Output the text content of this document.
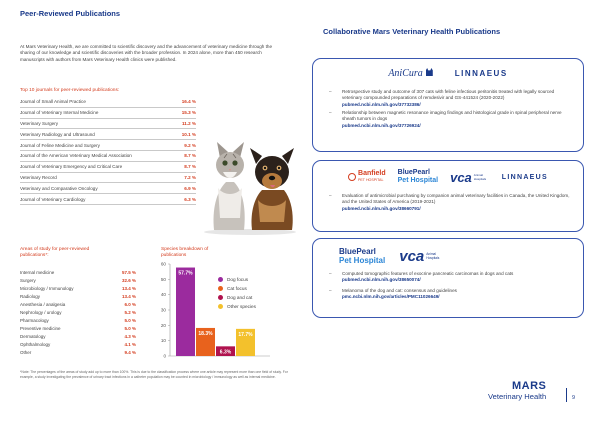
Peer-Reviewed Publications
At Mars Veterinary Health, we are committed to scientific discovery and the advancement of veterinary medicine through the sharing of our knowledge and scientific discoveries with the broader profession. In 2024 alone, more than 450 research manuscripts with authors from Mars Veterinary Health clinics were published.
Top 10 journals for peer-reviewed publications:
Journal of Small Animal Practice	16.4 %
Journal of Veterinary Internal Medicine	15.3 %
Veterinary Surgery	11.2 %
Veterinary Radiology and Ultrasound	10.1 %
Journal of Feline Medicine and Surgery	9.2 %
Journal of the American Veterinary Medical Association	8.7 %
Journal of Veterinary Emergency and Critical Care	8.7 %
Veterinary Record	7.2 %
Veterinary and Comparative Oncology	6.9 %
Journal of Veterinary Cardiology	6.3 %
Areas of study for peer-reviewed publications*:
Internal medicine	57.5 %
Surgery	32.6 %
Microbiology / Immunology	13.4 %
Radiology	13.4 %
Anesthesia / analgesia	6.0 %
Nephrology / urology	5.2 %
Pharmacology	5.0 %
Preventive medicine	5.0 %
Dermatology	4.3 %
Ophthalmology	4.1 %
Other	9.4 %
Species breakdown of publications
0
10
20
30
40
50
60
57.7%
18.3%
6.3%
17.7%
Dog focus
Cat focus
Dog and cat
Other species
*Note: The percentages of the areas of study add up to more than 100%. This is due to the classification process where one article may represent more than one field of study. For example, a study investigating the prevalence of urinary tract infections in a catheter population may be counted in microbiology / immunology as well as internal medicine.
Collaborative Mars Veterinary Health Publications
AniCura	LINNAEUS
–	Retrospective study and outcome of 307 cats with feline infectious peritonitis treated with legally sourced veterinary compounded preparations of remdesivir and GS-441524 (2020-2022)
pubmed.ncbi.nlm.nih.gov/37732386/
–	Relationship between magnetic resonance imaging findings and histological grade in spinal peripheral nerve sheath tumors in dogs
pubmed.ncbi.nlm.nih.gov/37726924/
Banfield
PET HOSPITAL
BluePearl
Pet Hospital vca Animal Hospitals	LINNAEUS
–	Evaluation of antimicrobial purchasing by companion animal veterinary facilities in Canada, the United Kingdom, and the United States of America (2019-2021)
pubmed.ncbi.nlm.nih.gov/38660791/
BluePearl
Pet Hospital vca Animal Hospitals
–	Computed tomographic features of exocrine pancreatic carcinomas in dogs and cats
pubmed.ncbi.nlm.nih.gov/38650074/
–	Melanoma of the dog and cat: consensus and guidelines
pmc.ncbi.nlm.nih.gov/articles/PMC11026649/
MARS
Veterinary Health	9
